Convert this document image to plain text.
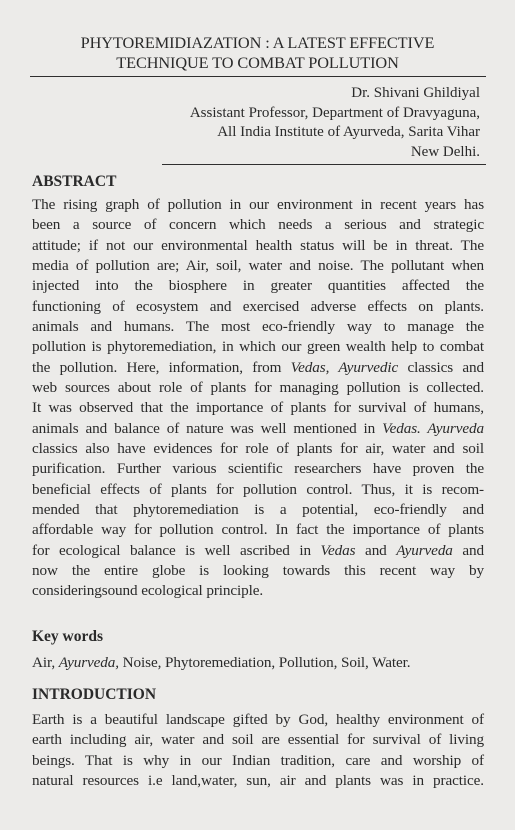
PHYTOREMIDIAZATION : A LATEST EFFECTIVE
TECHNIQUE TO COMBAT POLLUTION
Dr. Shivani Ghildiyal
Assistant Professor, Department of Dravyaguna,
All India Institute of Ayurveda, Sarita Vihar
New Delhi.
ABSTRACT
The rising graph of pollution in our environment in recent years has
been a source of concern which needs a serious and strategic
attitude; if not our environmental health status will be in threat. The
media of pollution are; Air, soil, water and noise. The pollutant when
injected into the biosphere in greater quantities affected the
functioning of ecosystem and exercised adverse effects on plants.
animals and humans. The most eco-friendly way to manage the
pollution is phytoremediation, in which our green wealth help to combat
the pollution. Here, information, from Vedas, Ayurvedic classics and
web sources about role of plants for managing pollution is collected.
It was observed that the importance of plants for survival of humans,
animals and balance of nature was well mentioned in Vedas. Ayurveda
classics also have evidences for role of plants for air, water and soil
purification. Further various scientific researchers have proven the
beneficial effects of plants for pollution control. Thus, it is recom-
mended that phytoremediation is a potential, eco-friendly and
affordable way for pollution control. In fact the importance of plants
for ecological balance is well ascribed in Vedas and Ayurveda and
now the entire globe is looking towards this recent way by
consideringsound ecological principle.
Key words
Air, Ayurveda, Noise, Phytoremediation, Pollution, Soil, Water.
INTRODUCTION
Earth is a beautiful landscape gifted by God, healthy environment of
earth including air, water and soil are essential for survival of living
beings. That is why in our Indian tradition, care and worship of
natural resources i.e land,water, sun, air and plants was in practice.
